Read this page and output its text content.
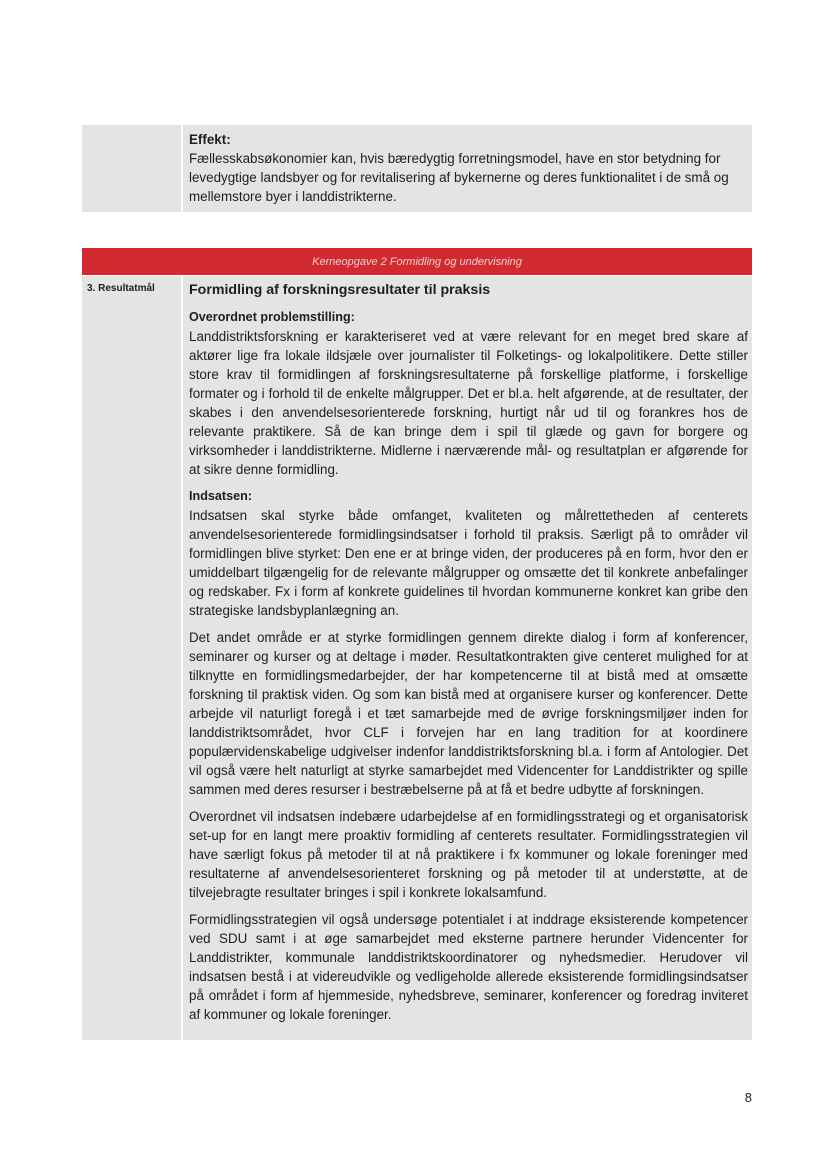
Effekt:

Fællesskabsøkonomier kan, hvis bæredygtig forretningsmodel, have en stor betydning for levedygtige landsbyer og for revitalisering af bykernerne og deres funktionalitet i de små og mellemstore byer i landdistrikterne.

Kerneopgave 2 Formidling og undervisning
3. Resultatmål	Formidling af forskningsresultater til praksis

Overordnet problemstilling:

Landdistriktsforskning er karakteriseret ved at være relevant for en meget bred skare af aktører lige fra lokale ildsjæle over journalister til Folketings- og lokalpolitikere. Dette stiller store krav til formidlingen af forskningsresultaterne på forskellige platforme, i forskellige formater og i forhold til de enkelte målgrupper. Det er bl.a. helt afgørende, at de resultater, der skabes i den anvendelsesorienterede forskning, hurtigt når ud til og forankres hos de relevante praktikere. Så de kan bringe dem i spil til glæde og gavn for borgere og virksomheder i landdistrikterne. Midlerne i nærværende mål- og resultatplan er afgørende for at sikre denne formidling.

Indsatsen:

Indsatsen skal styrke både omfanget, kvaliteten og målrettetheden af centerets anvendelsesorienterede formidlingsindsatser i forhold til praksis. Særligt på to områder vil formidlingen blive styrket: Den ene er at bringe viden, der produceres på en form, hvor den er umiddelbart tilgængelig for de relevante målgrupper og omsætte det til konkrete anbefalinger og redskaber. Fx i form af konkrete guidelines til hvordan kommunerne konkret kan gribe den strategiske landsbyplanlægning an.

Det andet område er at styrke formidlingen gennem direkte dialog i form af konferencer, seminarer og kurser og at deltage i møder. Resultatkontrakten give centeret mulighed for at tilknytte en formidlingsmedarbejder, der har kompetencerne til at bistå med at omsætte forskning til praktisk viden. Og som kan bistå med at organisere kurser og konferencer. Dette arbejde vil naturligt foregå i et tæt samarbejde med de øvrige forskningsmiljøer inden for landdistriktsområdet, hvor CLF i forvejen har en lang tradition for at koordinere populærvidenskabelige udgivelser indenfor landdistriktsforskning bl.a. i form af Antologier. Det vil også være helt naturligt at styrke samarbejdet med Videncenter for Landdistrikter og spille sammen med deres resurser i bestræbelserne på at få et bedre udbytte af forskningen.

Overordnet vil indsatsen indebære udarbejdelse af en formidlingsstrategi og et organisatorisk set-up for en langt mere proaktiv formidling af centerets resultater. Formidlingsstrategien vil have særligt fokus på metoder til at nå praktikere i fx kommuner og lokale foreninger med resultaterne af anvendelsesorienteret forskning og på metoder til at understøtte, at de tilvejebragte resultater bringes i spil i konkrete lokalsamfund.

Formidlingsstrategien vil også undersøge potentialet i at inddrage eksisterende kompetencer ved SDU samt i at øge samarbejdet med eksterne partnere herunder Videncenter for Landdistrikter, kommunale landdistriktskoordinatorer og nyhedsmedier. Herudover vil indsatsen bestå i at videreudvikle og vedligeholde allerede eksisterende formidlingsindsatser på området i form af hjemmeside, nyhedsbreve, seminarer, konferencer og foredrag inviteret af kommuner og lokale foreninger.

8
